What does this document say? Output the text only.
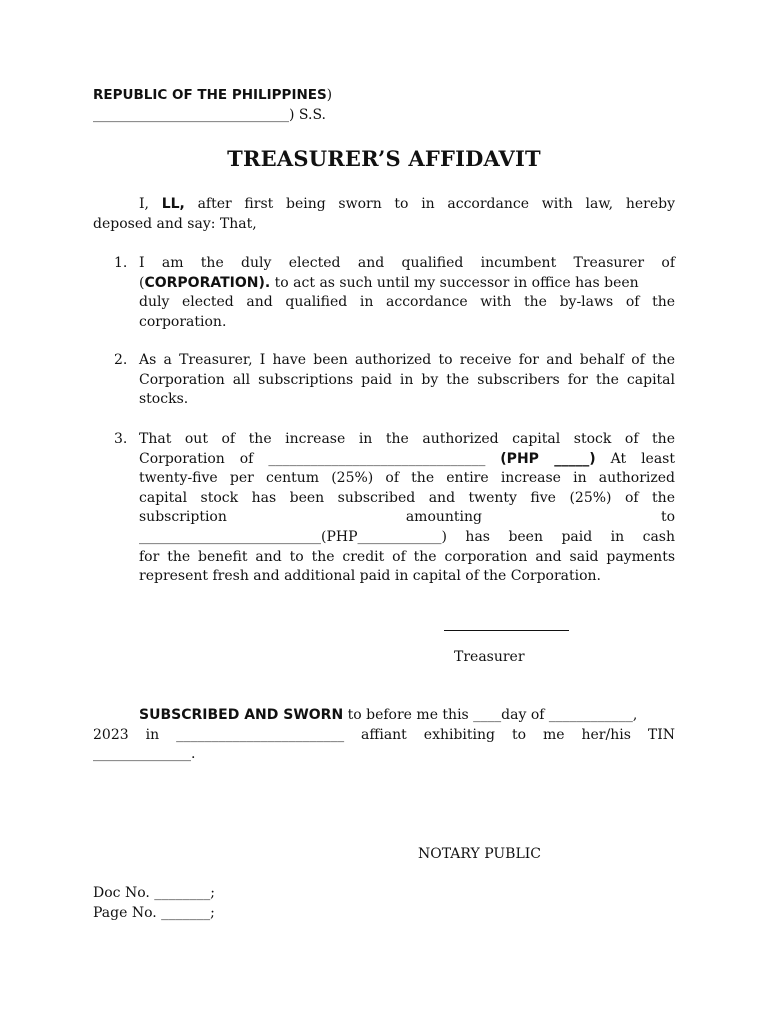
REPUBLIC OF THE PHILIPPINES)
____________________________) S.S.
TREASURER’S AFFIDAVIT
I, LL, after first being sworn to in accordance with law, hereby
deposed and say: That,
1. I am the duly elected and qualified incumbent Treasurer of
(CORPORATION). to act as such until my successor in office has been
duly elected and qualified in accordance with the by-laws of the
corporation.
2. As a Treasurer, I have been authorized to receive for and behalf of the
Corporation all subscriptions paid in by the subscribers for the capital
stocks.
3. That out of the increase in the authorized capital stock of the
Corporation of _______________________________ (PHP _____) At least
twenty-five per centum (25%) of the entire increase in authorized
capital stock has been subscribed and twenty five (25%) of the
subscription	amounting	to
__________________________(PHP____________) has been paid in cash
for the benefit and to the credit of the corporation and said payments
represent fresh and additional paid in capital of the Corporation.
Treasurer
SUBSCRIBED AND SWORN to before me this ____day of ____________,
2023 in ________________________ affiant exhibiting to me her/his TIN
______________.
NOTARY PUBLIC
Doc No. ________;
Page No. _______;
